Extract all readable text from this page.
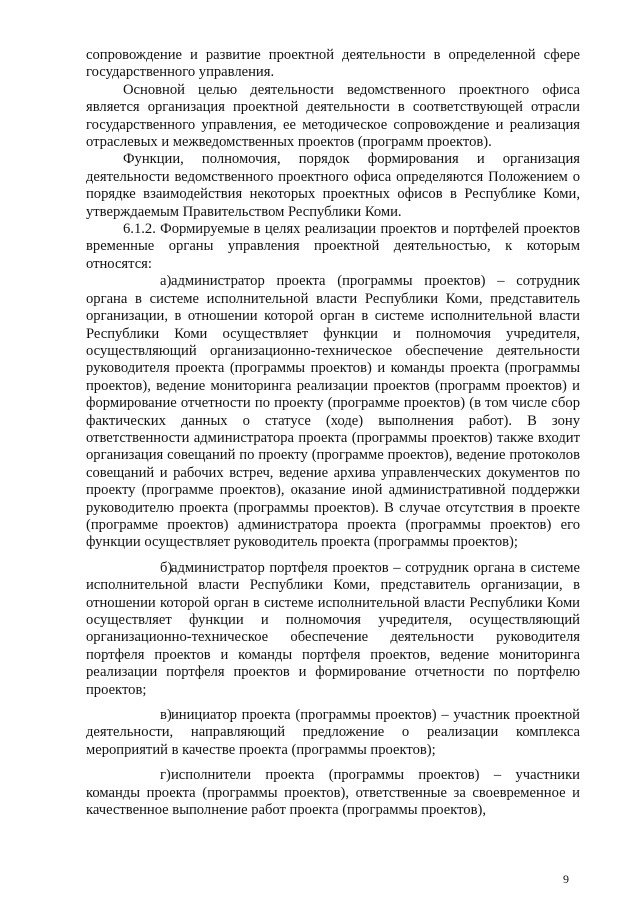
сопровождение и развитие проектной деятельности в определенной сфере государственного управления.

Основной целью деятельности ведомственного проектного офиса является организация проектной деятельности в соответствующей отрасли государственного управления, ее методическое сопровождение и реализация отраслевых и межведомственных проектов (программ проектов).

Функции, полномочия, порядок формирования и организация деятельности ведомственного проектного офиса определяются Положением о порядке взаимодействия некоторых проектных офисов в Республике Коми, утверждаемым Правительством Республики Коми.

6.1.2. Формируемые в целях реализации проектов и портфелей проектов временные органы управления проектной деятельностью, к которым относятся:

а)администратор проекта (программы проектов) – сотрудник органа в системе исполнительной власти Республики Коми, представитель организации, в отношении которой орган в системе исполнительной власти Республики Коми осуществляет функции и полномочия учредителя, осуществляющий организационно-техническое обеспечение деятельности руководителя проекта (программы проектов) и команды проекта (программы проектов), ведение мониторинга реализации проектов (программ проектов) и формирование отчетности по проекту (программе проектов) (в том числе сбор фактических данных о статусе (ходе) выполнения работ). В зону ответственности администратора проекта (программы проектов) также входит организация совещаний по проекту (программе проектов), ведение протоколов совещаний и рабочих встреч, ведение архива управленческих документов по проекту (программе проектов), оказание иной административной поддержки руководителю проекта (программы проектов). В случае отсутствия в проекте (программе проектов) администратора проекта (программы проектов) его функции осуществляет руководитель проекта (программы проектов);

б)администратор портфеля проектов – сотрудник органа в системе исполнительной власти Республики Коми, представитель организации, в отношении которой орган в системе исполнительной власти Республики Коми осуществляет функции и полномочия учредителя, осуществляющий организационно-техническое обеспечение деятельности руководителя портфеля проектов и команды портфеля проектов, ведение мониторинга реализации портфеля проектов и формирование отчетности по портфелю проектов;

в)инициатор проекта (программы проектов) – участник проектной деятельности, направляющий предложение о реализации комплекса мероприятий в качестве проекта (программы проектов);

г)исполнители проекта (программы проектов) – участники команды проекта (программы проектов), ответственные за своевременное и качественное выполнение работ проекта (программы проектов),

9
